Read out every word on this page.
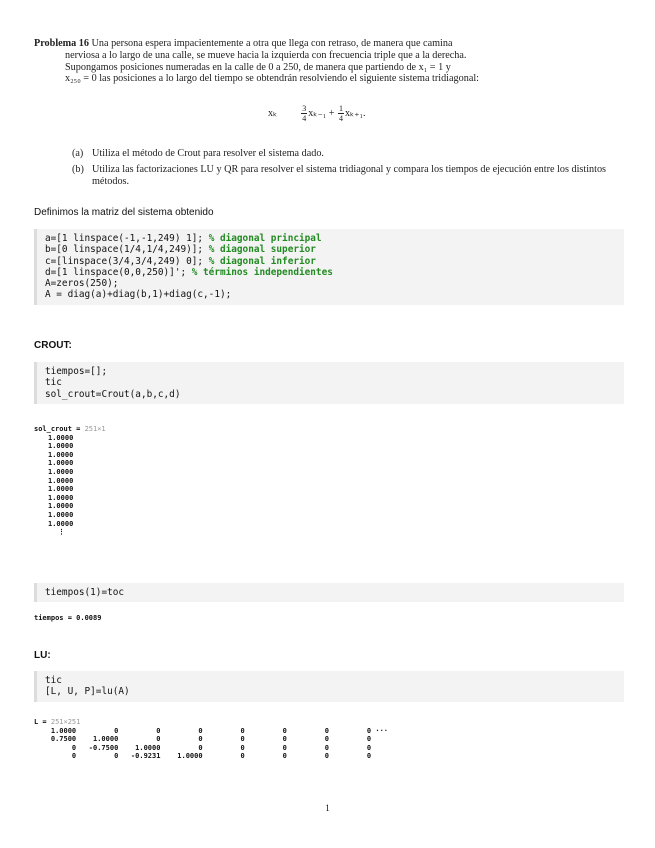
Problema 16 Una persona espera impacientemente a otra que llega con retraso, de manera que camina
nerviosa a lo largo de una calle, se mueve hacia la izquierda con frecuencia triple que a la derecha.
Supongamos posiciones numeradas en la calle de 0 a 250, de manera que partiendo de x₁ = 1 y
x₂₅₀ = 0 las posiciones a lo largo del tiempo se obtendrán resolviendo el siguiente sistema tridiagonal:
xₖ	$\frac{3}{4} x_{k-1} + \frac{1}{4} x_{k+1}$.
(a) Utiliza el método de Crout para resolver el sistema dado.
(b) Utiliza las factorizaciones LU y QR para resolver el sistema tridiagonal y compara los tiempos de ejecución entre los distintos métodos.
Definimos la matriz del sistema obtenido
a=[1 linspace(-1,-1,249) 1]; % diagonal principal
b=[0 linspace(1/4,1/4,249)]; % diagonal superior
c=[linspace(3/4,3/4,249) 0]; % diagonal inferior
d=[1 linspace(0,0,250)]'; % términos independientes
A=zeros(250);
A = diag(a)+diag(b,1)+diag(c,-1);
CROUT:
tiempos=[];
tic
sol_crout=Crout(a,b,c,d)
sol_crout = 251×1
1.0000
1.0000
1.0000
1.0000
1.0000
1.0000
1.0000
1.0000
1.0000
1.0000
1.0000
⋮
tiempos(1)=toc
tiempos = 0.0089
LU:
tic
[L, U, P]=lu(A)
L = 251×251
1.0000         0         0         0         0         0         0         0 ···
0.7500    1.0000         0         0         0         0         0         0
0   -0.7500    1.0000         0         0         0         0         0
0         0   -0.9231    1.0000         0         0         0         0
1
